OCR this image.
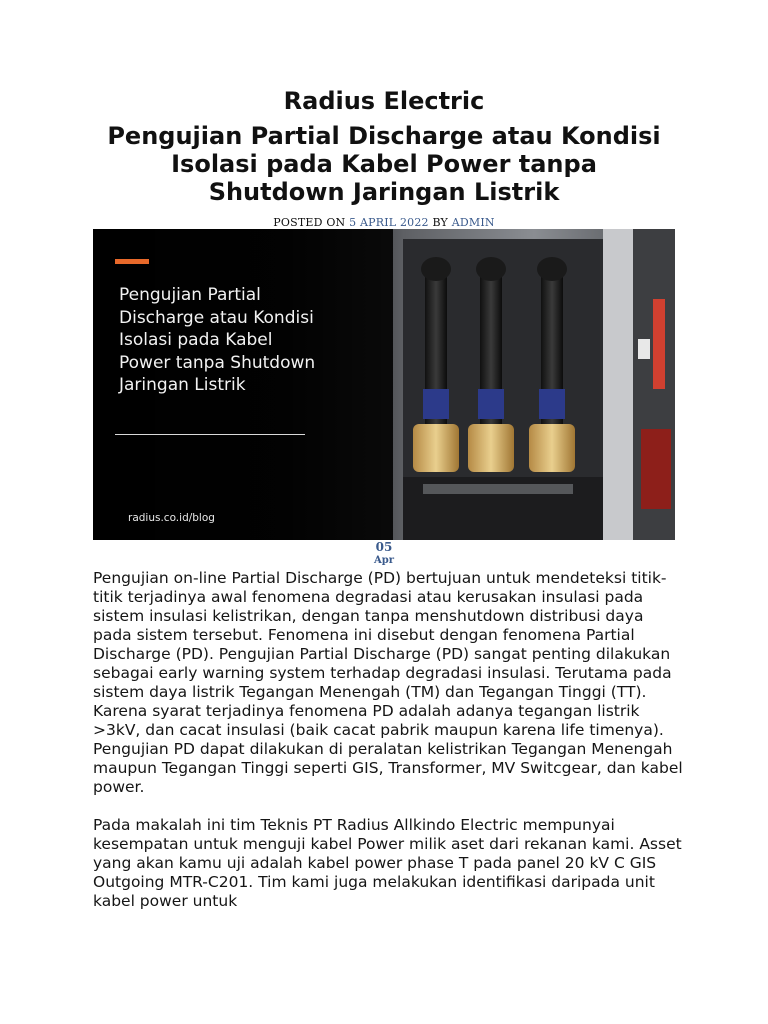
Radius Electric
Pengujian Partial Discharge atau Kondisi Isolasi pada Kabel Power tanpa Shutdown Jaringan Listrik
POSTED ON 5 APRIL 2022 BY ADMIN
Pengujian Partial Discharge atau Kondisi Isolasi pada Kabel Power tanpa Shutdown Jaringan Listrik
radius.co.id/blog
05
Apr

Pengujian on-line Partial Discharge (PD) bertujuan untuk mendeteksi titik-titik terjadinya awal fenomena degradasi atau kerusakan insulasi pada sistem insulasi kelistrikan, dengan tanpa menshutdown distribusi daya pada sistem tersebut. Fenomena ini disebut dengan fenomena Partial Discharge (PD). Pengujian Partial Discharge (PD) sangat penting dilakukan sebagai early warning system terhadap degradasi insulasi. Terutama pada sistem daya listrik Tegangan Menengah (TM) dan Tegangan Tinggi (TT). Karena syarat terjadinya fenomena PD adalah adanya tegangan listrik >3kV, dan cacat insulasi (baik cacat pabrik maupun karena life timenya). Pengujian PD dapat dilakukan di peralatan kelistrikan Tegangan Menengah maupun Tegangan Tinggi seperti GIS, Transformer, MV Switcgear, dan kabel power.

Pada makalah ini tim Teknis PT Radius Allkindo Electric mempunyai kesempatan untuk menguji kabel Power milik aset dari rekanan kami. Asset yang akan kamu uji adalah kabel power phase T pada panel 20 kV C GIS Outgoing MTR-C201. Tim kami juga melakukan identifikasi daripada unit kabel power untuk
